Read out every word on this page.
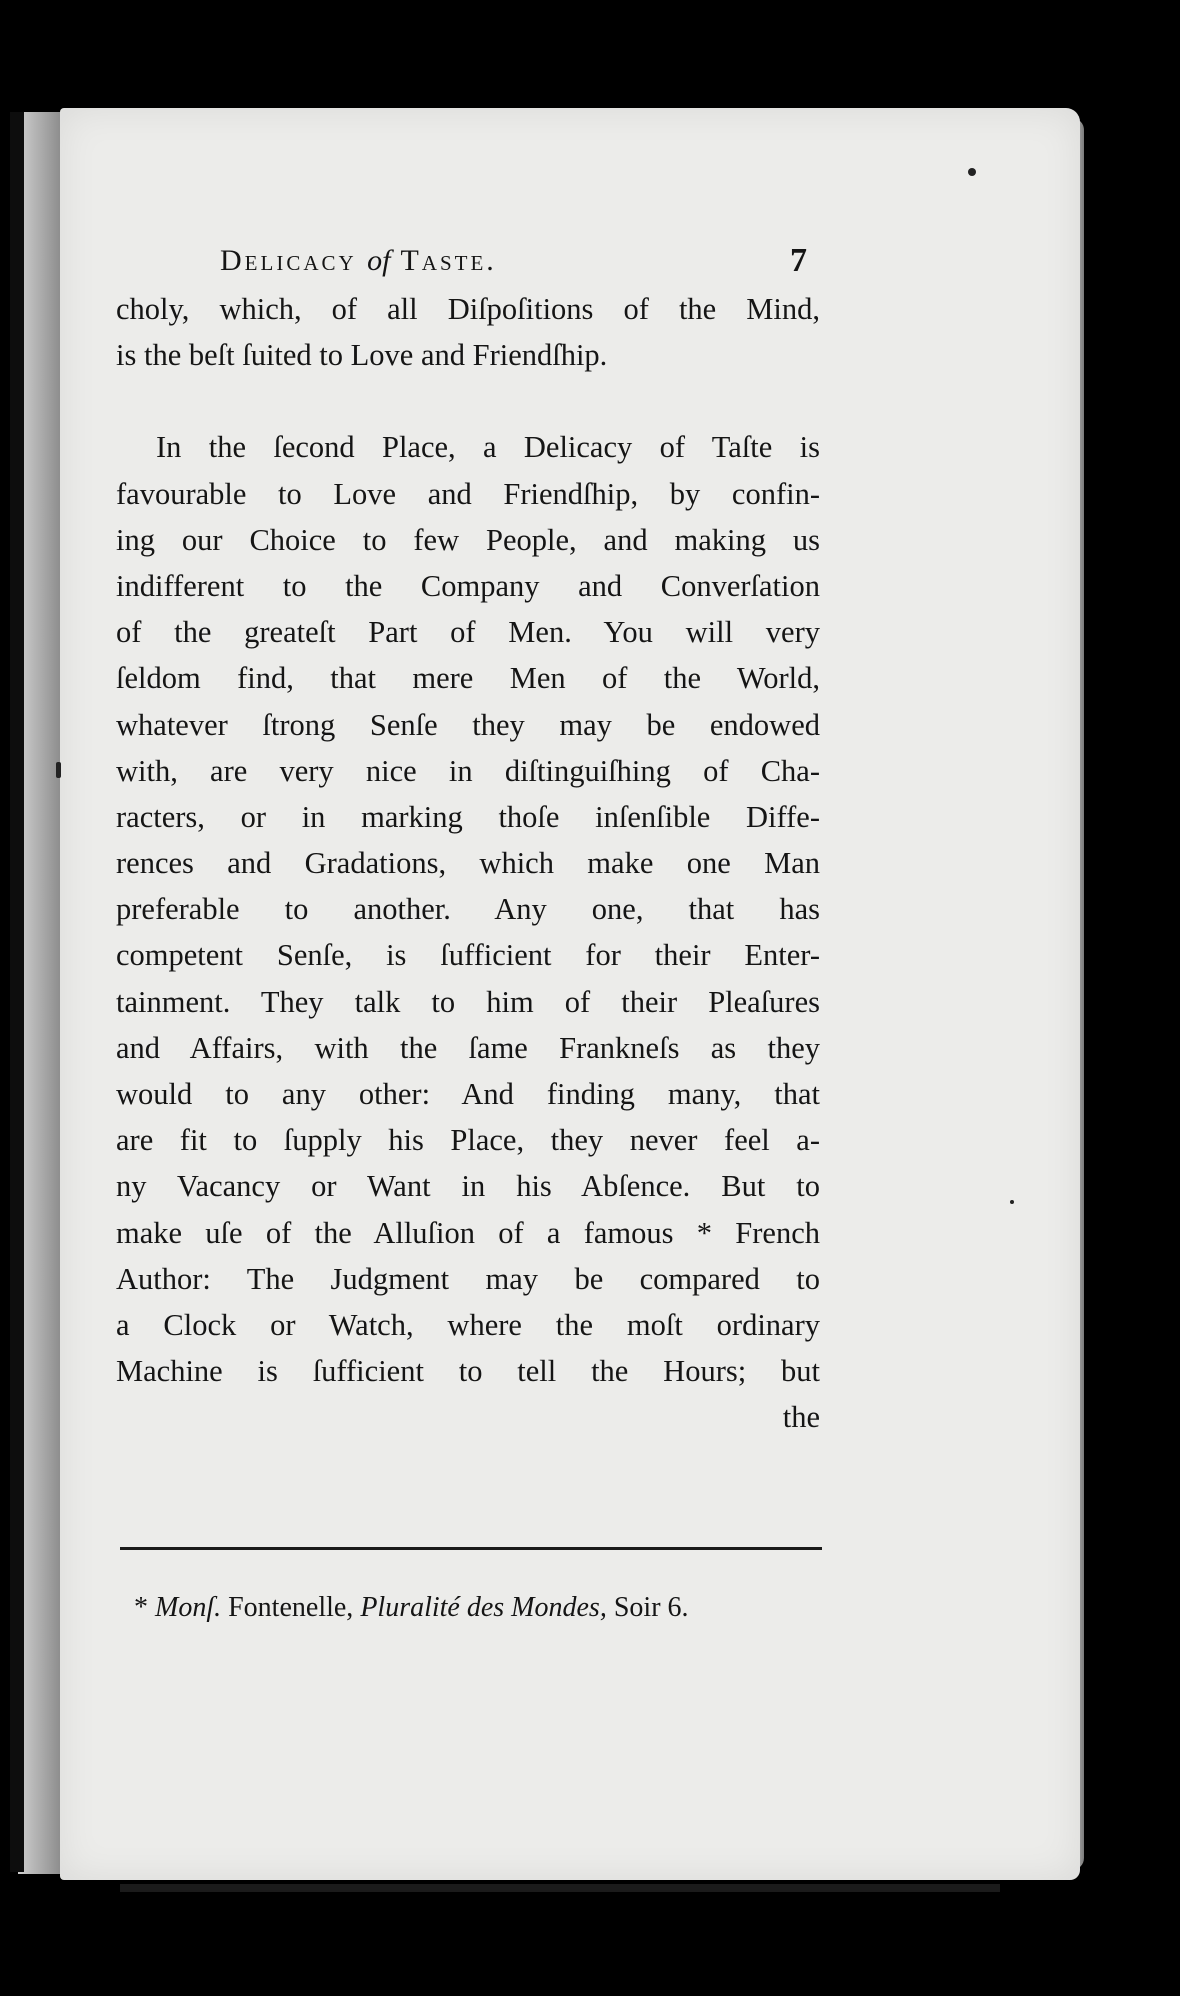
Delicacy of Taste.	7
choly, which, of all Diſpoſitions of the Mind,
is the beſt ſuited to Love and Friendſhip.
In the ſecond Place, a Delicacy of Taſte is
favourable to Love and Friendſhip, by confin-
ing our Choice to few People, and making us
indifferent to the Company and Converſation
of the greateſt Part of Men. You will very
ſeldom find, that mere Men of the World,
whatever ſtrong Senſe they may be endowed
with, are very nice in diſtinguiſhing of Cha-
racters, or in marking thoſe inſenſible Diffe-
rences and Gradations, which make one Man
preferable to another. Any one, that has
competent Senſe, is ſufficient for their Enter-
tainment. They talk to him of their Pleaſures
and Affairs, with the ſame Frankneſs as they
would to any other: And finding many, that
are fit to ſupply his Place, they never feel a-
ny Vacancy or Want in his Abſence. But to
make uſe of the Alluſion of a famous * French
Author: The Judgment may be compared to
a Clock or Watch, where the moſt ordinary
Machine is ſufficient to tell the Hours; but
the
* Monſ. Fontenelle, Pluralité des Mondes, Soir 6.
